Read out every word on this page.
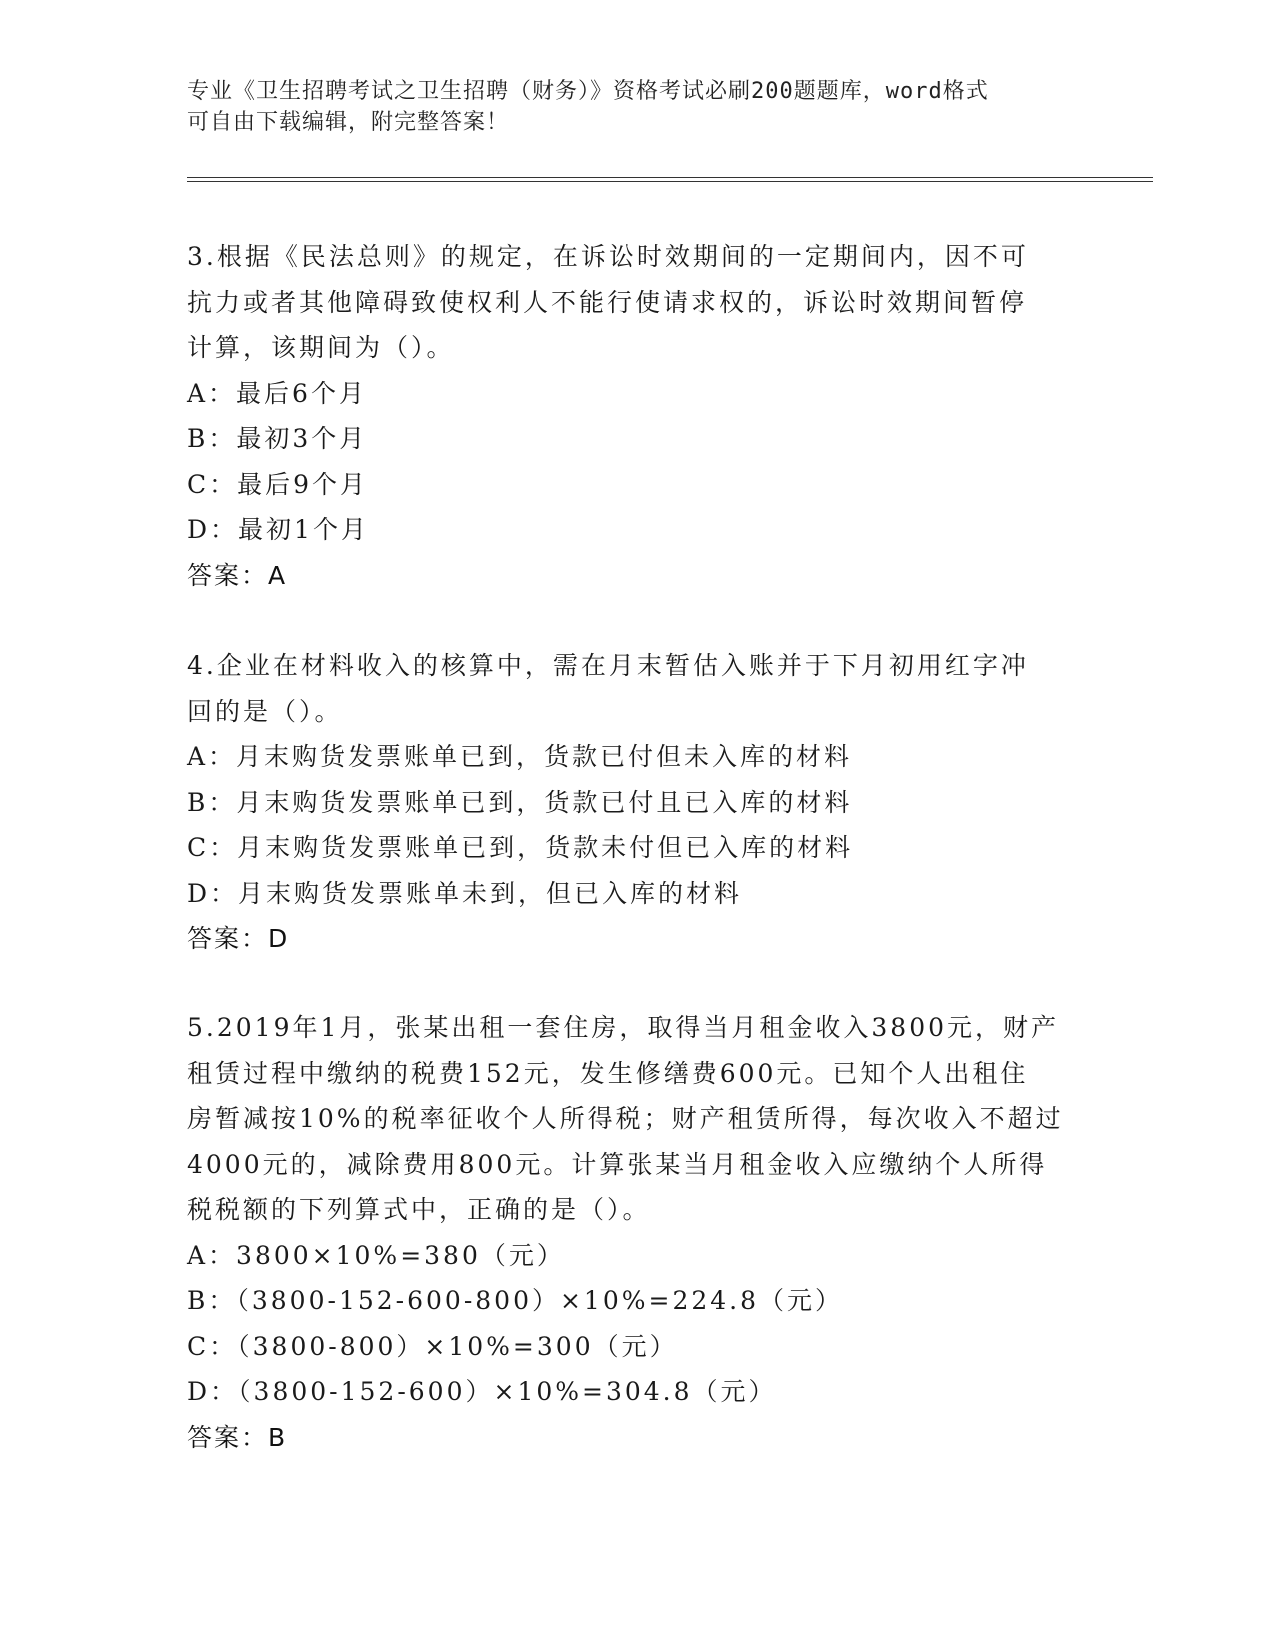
专业《卫生招聘考试之卫生招聘（财务）》资格考试必刷200题题库，word格式
可自由下载编辑，附完整答案！
3.根据《民法总则》的规定，在诉讼时效期间的一定期间内，因不可
抗力或者其他障碍致使权利人不能行使请求权的，诉讼时效期间暂停
计算，该期间为（）。
A：最后6个月
B：最初3个月
C：最后9个月
D：最初1个月
答案：A
4.企业在材料收入的核算中，需在月末暂估入账并于下月初用红字冲
回的是（）。
A：月末购货发票账单已到，货款已付但未入库的材料
B：月末购货发票账单已到，货款已付且已入库的材料
C：月末购货发票账单已到，货款未付但已入库的材料
D：月末购货发票账单未到，但已入库的材料
答案：D
5.2019年1月，张某出租一套住房，取得当月租金收入3800元，财产
租赁过程中缴纳的税费152元，发生修缮费600元。已知个人出租住
房暂减按10%的税率征收个人所得税；财产租赁所得，每次收入不超过
4000元的，减除费用800元。计算张某当月租金收入应缴纳个人所得
税税额的下列算式中，正确的是（）。
A：3800×10%=380（元）
B：（3800-152-600-800）×10%=224.8（元）
C：（3800-800）×10%=300（元）
D：（3800-152-600）×10%=304.8（元）
答案：B
